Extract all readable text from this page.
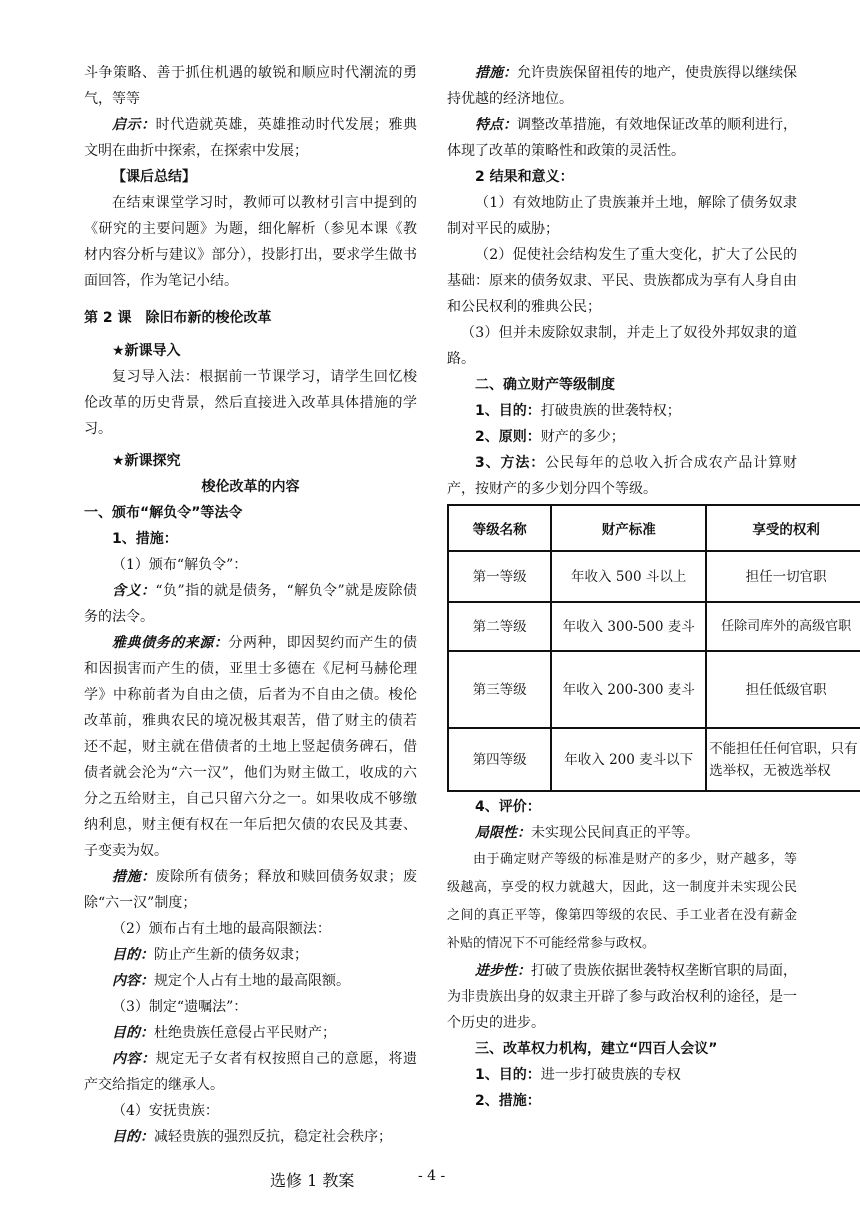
斗争策略、善于抓住机遇的敏锐和顺应时代潮流的勇气，等等

启示：时代造就英雄，英雄推动时代发展；雅典文明在曲折中探索，在探索中发展；

【课后总结】

在结束课堂学习时，教师可以教材引言中提到的《研究的主要问题》为题，细化解析（参见本课《教材内容分析与建议》部分），投影打出，要求学生做书面回答，作为笔记小结。

第 2 课　除旧布新的梭伦改革

★新课导入

复习导入法：根据前一节课学习，请学生回忆梭伦改革的历史背景，然后直接进入改革具体措施的学习。

★新课探究

梭伦改革的内容

一、颁布“解负令”等法令

1、措施：

（1）颁布“解负令”：

含义：“负”指的就是债务，“解负令”就是废除债务的法令。

雅典债务的来源：分两种，即因契约而产生的债和因损害而产生的债，亚里士多德在《尼柯马赫伦理学》中称前者为自由之债，后者为不自由之债。梭伦改革前，雅典农民的境况极其艰苦，借了财主的债若还不起，财主就在借债者的土地上竖起债务碑石，借债者就会沦为“六一汉”，他们为财主做工，收成的六分之五给财主，自己只留六分之一。如果收成不够缴纳利息，财主便有权在一年后把欠债的农民及其妻、子变卖为奴。

措施：废除所有债务；释放和赎回债务奴隶；废除“六一汉”制度；

（2）颁布占有土地的最高限额法：

目的：防止产生新的债务奴隶；

内容：规定个人占有土地的最高限额。

（3）制定“遗嘱法”：

目的：杜绝贵族任意侵占平民财产；

内容：规定无子女者有权按照自己的意愿，将遗产交给指定的继承人。

（4）安抚贵族：

目的：减轻贵族的强烈反抗，稳定社会秩序；

措施：允许贵族保留祖传的地产，使贵族得以继续保持优越的经济地位。

特点：调整改革措施，有效地保证改革的顺利进行，体现了改革的策略性和政策的灵活性。

2 结果和意义：

（1）有效地防止了贵族兼并土地，解除了债务奴隶制对平民的威胁；

（2）促使社会结构发生了重大变化，扩大了公民的基础：原来的债务奴隶、平民、贵族都成为享有人身自由和公民权利的雅典公民；

（3）但并未废除奴隶制，并走上了奴役外邦奴隶的道路。

二、确立财产等级制度

1、目的：打破贵族的世袭特权；

2、原则：财产的多少；

3、方法：公民每年的总收入折合成农产品计算财产，按财产的多少划分四个等级。

等级名称	财产标准	享受的权利
第一等级	年收入 500 斗以上	担任一切官职
第二等级	年收入 300-500 麦斗	任除司库外的高级官职
第三等级	年收入 200-300 麦斗	担任低级官职
第四等级	年收入 200 麦斗以下	不能担任任何官职，只有选举权，无被选举权

4、评价：

局限性：未实现公民间真正的平等。

由于确定财产等级的标准是财产的多少，财产越多，等级越高，享受的权力就越大，因此，这一制度并未实现公民之间的真正平等，像第四等级的农民、手工业者在没有薪金补贴的情况下不可能经常参与政权。

进步性：打破了贵族依据世袭特权垄断官职的局面，为非贵族出身的奴隶主开辟了参与政治权利的途径，是一个历史的进步。

三、改革权力机构，建立“四百人会议”

1、目的：进一步打破贵族的专权

2、措施：

选修 1 教案	- 4 -
